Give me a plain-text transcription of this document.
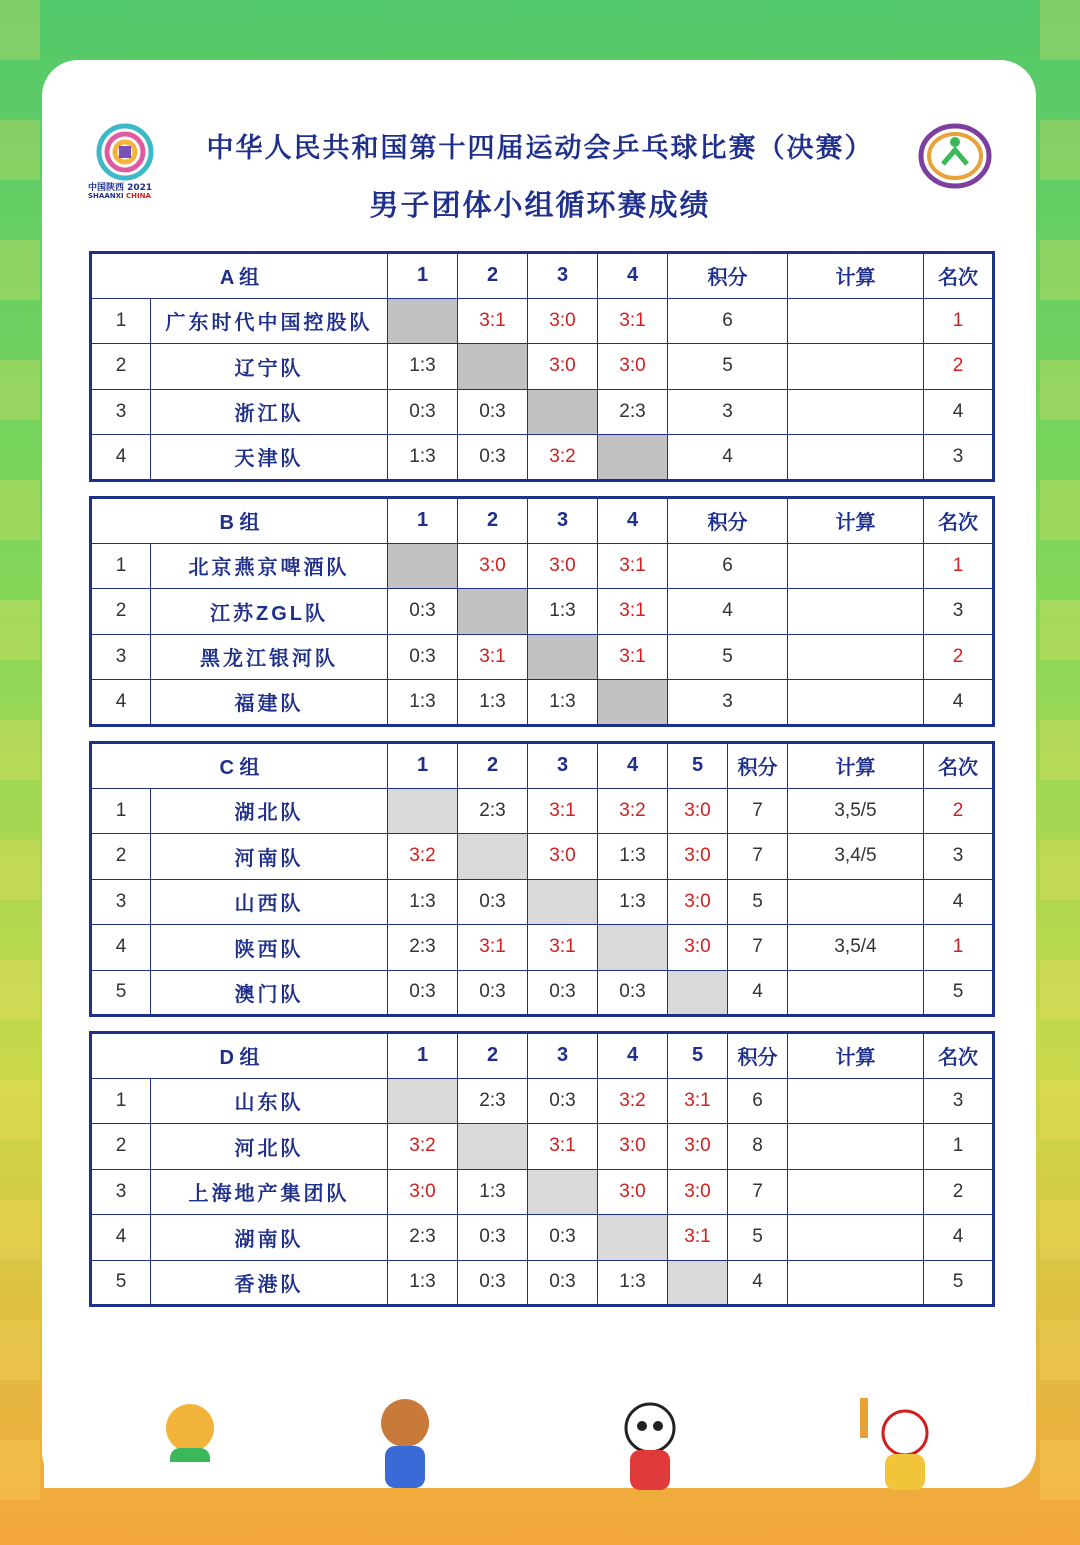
中国陕西 2021
SHAANXI CHINA
中华人民共和国第十四届运动会乒乓球比赛（决赛）
男子团体小组循环赛成绩
A 组		1	2	3	4	积分	计算	名次
1	广东时代中国控股队		3:1	3:0	3:1	6		1
2	辽宁队	1:3		3:0	3:0	5		2
3	浙江队	0:3	0:3		2:3	3		4
4	天津队	1:3	0:3	3:2		4		3
B 组		1	2	3	4	积分	计算	名次
1	北京燕京啤酒队		3:0	3:0	3:1	6		1
2	江苏ZGL队	0:3		1:3	3:1	4		3
3	黑龙江银河队	0:3	3:1		3:1	5		2
4	福建队	1:3	1:3	1:3		3		4
C 组		1	2	3	4	5	积分	计算	名次
1	湖北队		2:3	3:1	3:2	3:0	7	3,5/5	2
2	河南队	3:2		3:0	1:3	3:0	7	3,4/5	3
3	山西队	1:3	0:3		1:3	3:0	5		4
4	陕西队	2:3	3:1	3:1		3:0	7	3,5/4	1
5	澳门队	0:3	0:3	0:3	0:3		4		5
D 组		1	2	3	4	5	积分	计算	名次
1	山东队		2:3	0:3	3:2	3:1	6		3
2	河北队	3:2		3:1	3:0	3:0	8		1
3	上海地产集团队	3:0	1:3		3:0	3:0	7		2
4	湖南队	2:3	0:3	0:3		3:1	5		4
5	香港队	1:3	0:3	0:3	1:3		4		5
